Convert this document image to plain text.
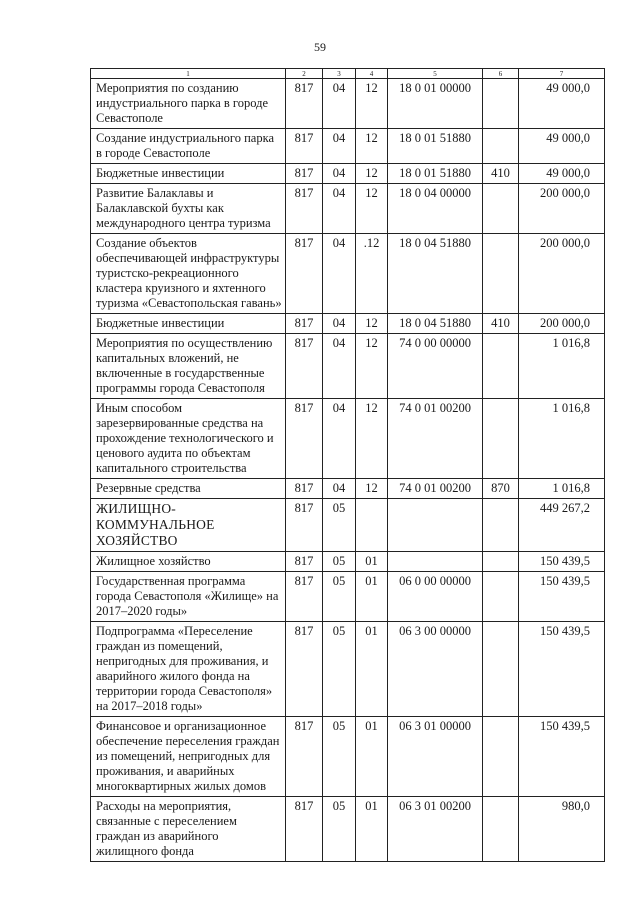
59
1	2	3	4	5	6	7
Мероприятия по созданию индустриального парка в городе Севастополе	817	04	12	18 0 01 00000		49 000,0
Создание индустриального парка в городе Севастополе	817	04	12	18 0 01 51880		49 000,0
Бюджетные инвестиции	817	04	12	18 0 01 51880	410	49 000,0
Развитие Балаклавы и Балаклавской бухты как международного центра туризма	817	04	12	18 0 04 00000		200 000,0
Создание объектов обеспечивающей инфраструктуры туристско-рекреационного кластера круизного и яхтенного туризма «Севастопольская гавань»	817	04	.12	18 0 04 51880		200 000,0
Бюджетные инвестиции	817	04	12	18 0 04 51880	410	200 000,0
Мероприятия по осуществлению капитальных вложений, не включенные в государственные программы города Севастополя	817	04	12	74 0 00 00000		1 016,8
Иным способом зарезервированные средства на прохождение технологического и ценового аудита по объектам капитального строительства	817	04	12	74 0 01 00200		1 016,8
Резервные средства	817	04	12	74 0 01 00200	870	1 016,8
ЖИЛИЩНО-КОММУНАЛЬНОЕ ХОЗЯЙСТВО	817	05				449 267,2
Жилищное хозяйство	817	05	01			150 439,5
Государственная программа города Севастополя «Жилище» на 2017–2020 годы»	817	05	01	06 0 00 00000		150 439,5
Подпрограмма «Переселение граждан из помещений, непригодных для проживания, и аварийного жилого фонда на территории города Севастополя» на 2017–2018 годы»	817	05	01	06 3 00 00000		150 439,5
Финансовое и организационное обеспечение переселения граждан из помещений, непригодных для проживания, и аварийных многоквартирных жилых домов	817	05	01	06 3 01 00000		150 439,5
Расходы на мероприятия, связанные с переселением граждан из аварийного жилищного фонда	817	05	01	06 3 01 00200		980,0
